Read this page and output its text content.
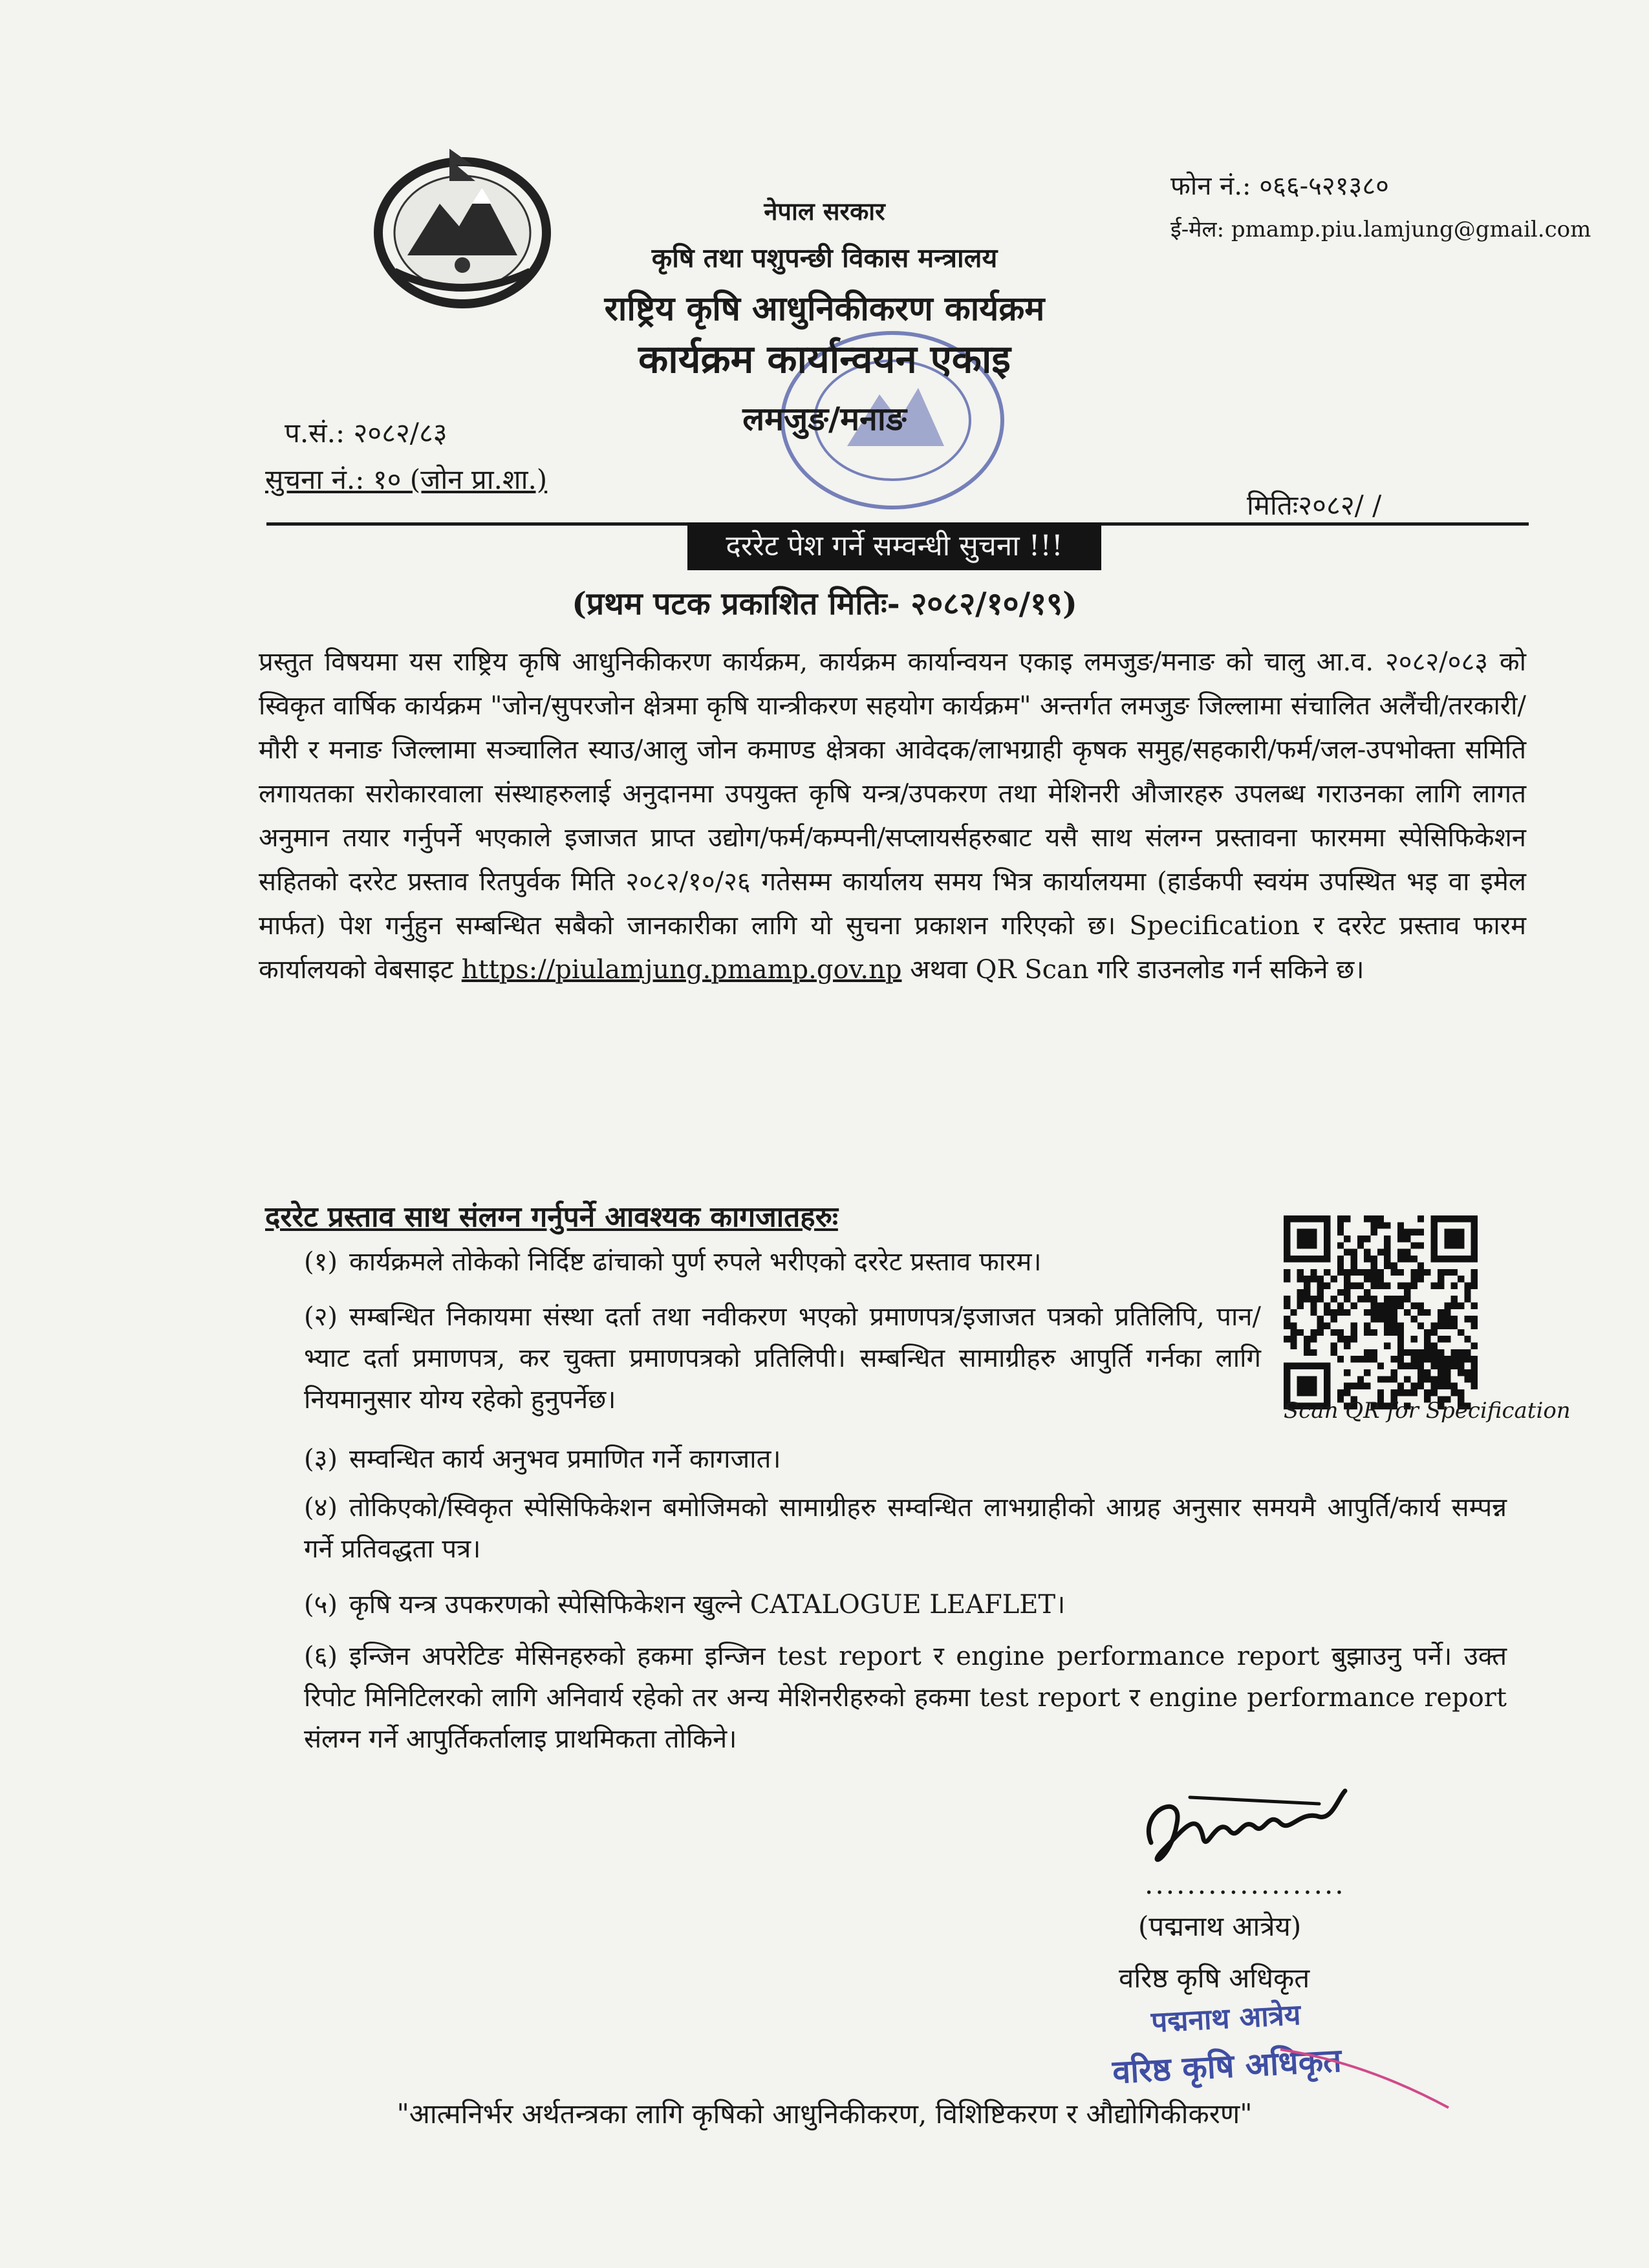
नेपाल सरकार
कृषि तथा पशुपन्छी विकास मन्त्रालय
राष्ट्रिय कृषि आधुनिकीकरण कार्यक्रम
कार्यक्रम कार्यान्वयन एकाइ
लमजुङ/मनाङ
फोन नं.: ०६६-५२१३८०
ई-मेल: pmamp.piu.lamjung@gmail.com
प.सं.: २०८२/८३
सुचना नं.: १० (जोन प्रा.शा.)
मितिः२०८२/ /
दररेट पेश गर्ने सम्वन्धी सुचना !!!
(प्रथम पटक प्रकाशित मितिः- २०८२/१०/१९)
प्रस्तुत विषयमा यस राष्ट्रिय कृषि आधुनिकीकरण कार्यक्रम, कार्यक्रम कार्यान्वयन एकाइ लमजुङ/मनाङ को चालु आ.व. २०८२/०८३ को स्विकृत वार्षिक कार्यक्रम "जोन/सुपरजोन क्षेत्रमा कृषि यान्त्रीकरण सहयोग कार्यक्रम" अन्तर्गत लमजुङ जिल्लामा संचालित अलैंची/तरकारी/मौरी र मनाङ जिल्लामा सञ्चालित स्याउ/आलु जोन कमाण्ड क्षेत्रका आवेदक/लाभग्राही कृषक समुह/सहकारी/फर्म/जल-उपभोक्ता समिति लगायतका सरोकारवाला संस्थाहरुलाई अनुदानमा उपयुक्त कृषि यन्त्र/उपकरण तथा मेशिनरी औजारहरु उपलब्ध गराउनका लागि लागत अनुमान तयार गर्नुपर्ने भएकाले इजाजत प्राप्त उद्योग/फर्म/कम्पनी/सप्लायर्सहरुबाट यसै साथ संलग्न प्रस्तावना फारममा स्पेसिफिकेशन सहितको दररेट प्रस्ताव रितपुर्वक मिति २०८२/१०/२६ गतेसम्म कार्यालय समय भित्र कार्यालयमा (हार्डकपी स्वयंम उपस्थित भइ वा इमेल मार्फत) पेश गर्नुहुन सम्बन्धित सबैको जानकारीका लागि यो सुचना प्रकाशन गरिएको छ। Specification र दररेट प्रस्ताव फारम कार्यालयको वेबसाइट https://piulamjung.pmamp.gov.np अथवा QR Scan गरि डाउनलोड गर्न सकिने छ।
दररेट प्रस्ताव साथ संलग्न गर्नुपर्ने आवश्यक कागजातहरुः
(१) कार्यक्रमले तोकेको निर्दिष्ट ढांचाको पुर्ण रुपले भरीएको दररेट प्रस्ताव फारम।
(२) सम्बन्धित निकायमा संस्था दर्ता तथा नवीकरण भएको प्रमाणपत्र/इजाजत पत्रको प्रतिलिपि, पान/भ्याट दर्ता प्रमाणपत्र, कर चुक्ता प्रमाणपत्रको प्रतिलिपी। सम्बन्धित सामाग्रीहरु आपुर्ति गर्नका लागि नियमानुसार योग्य रहेको हुनुपर्नेछ।
(३) सम्वन्धित कार्य अनुभव प्रमाणित गर्ने कागजात।
(४) तोकिएको/स्विकृत स्पेसिफिकेशन बमोजिमको सामाग्रीहरु सम्वन्धित लाभग्राहीको आग्रह अनुसार समयमै आपुर्ति/कार्य सम्पन्न गर्ने प्रतिवद्धता पत्र।
(५) कृषि यन्त्र उपकरणको स्पेसिफिकेशन खुल्ने CATALOGUE LEAFLET।
(६) इन्जिन अपरेटिङ मेसिनहरुको हकमा इन्जिन test report र engine performance report बुझाउनु पर्ने। उक्त रिपोट मिनिटिलरको लागि अनिवार्य रहेको तर अन्य मेशिनरीहरुको हकमा test report र engine performance report संलग्न गर्ने आपुर्तिकर्तालाइ प्राथमिकता तोकिने।
Scan QR for Specification
...................
(पद्मनाथ आत्रेय)
वरिष्ठ कृषि अधिकृत
पद्मनाथ आत्रेय
वरिष्ठ कृषि अधिकृत
"आत्मनिर्भर अर्थतन्त्रका लागि कृषिको आधुनिकीकरण, विशिष्टिकरण र औद्योगिकीकरण"
